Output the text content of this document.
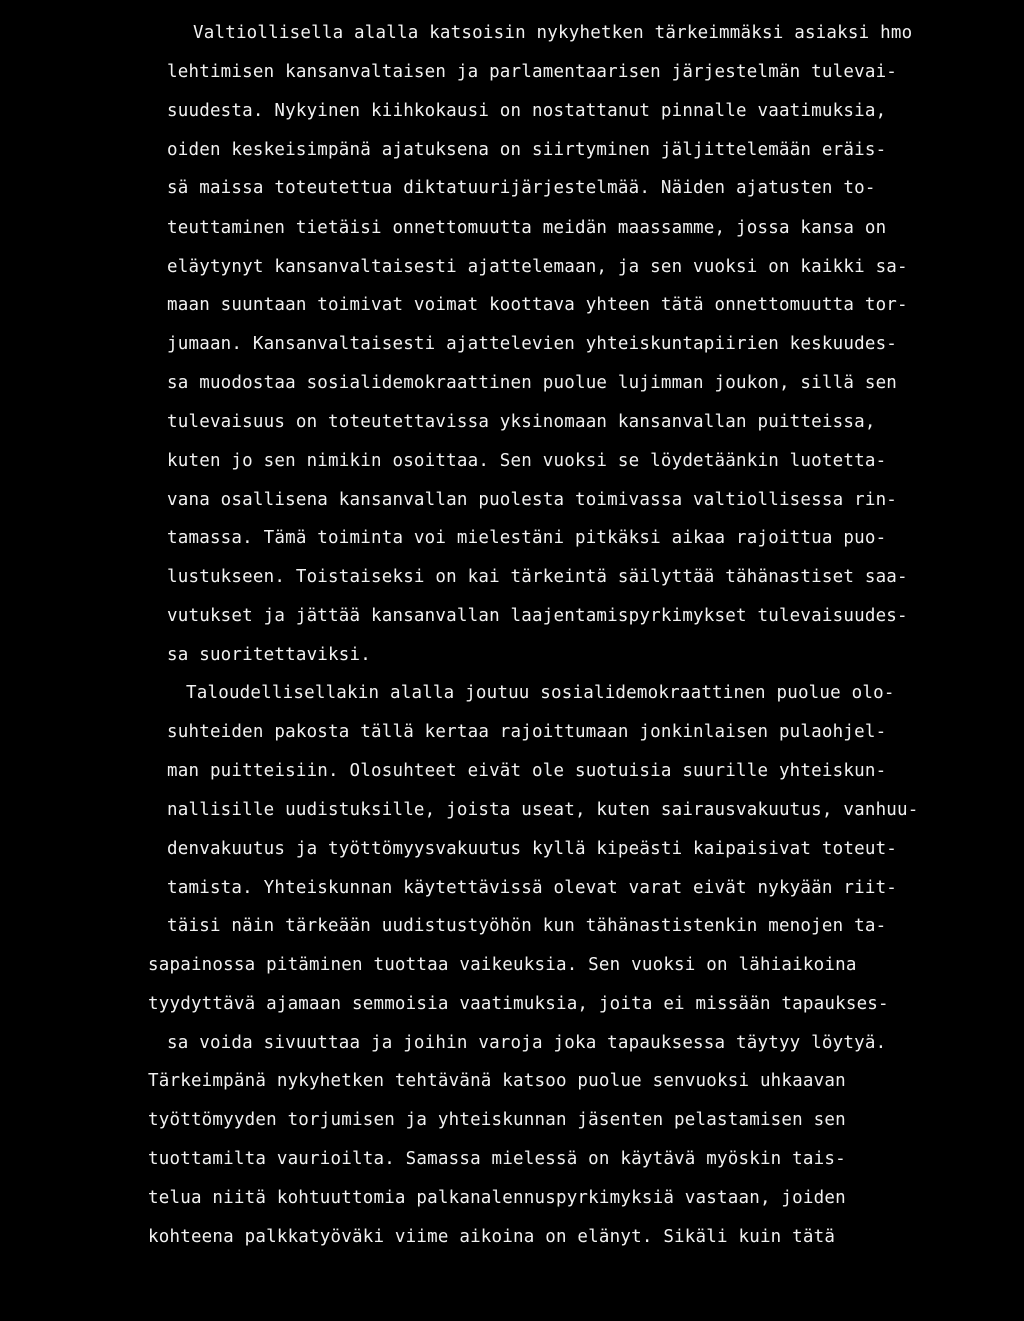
Valtiollisella alalla katsoisin nykyhetken tärkeimmäksi asiaksi hmo
lehtimisen kansanvaltaisen ja parlamentaarisen järjestelmän tulevai-
suudesta. Nykyinen kiihkokausi on nostattanut pinnalle vaatimuksia,
oiden keskeisimpänä ajatuksena on siirtyminen jäljittelemään eräis-
sä maissa toteutettua diktatuurijärjestelmää. Näiden ajatusten to-
teuttaminen tietäisi onnettomuutta meidän maassamme, jossa kansa on
eläytynyt kansanvaltaisesti ajattelemaan, ja sen vuoksi on kaikki sa-
maan suuntaan toimivat voimat koottava yhteen tätä onnettomuutta tor-
jumaan. Kansanvaltaisesti ajattelevien yhteiskuntapiirien keskuudes-
sa muodostaa sosialidemokraattinen puolue lujimman joukon, sillä sen
tulevaisuus on toteutettavissa yksinomaan kansanvallan puitteissa,
kuten jo sen nimikin osoittaa. Sen vuoksi se löydetäänkin luotetta-
vana osallisena kansanvallan puolesta toimivassa valtiollisessa rin-
tamassa. Tämä toiminta voi mielestäni pitkäksi aikaa rajoittua puo-
lustukseen. Toistaiseksi on kai tärkeintä säilyttää tähänastiset saa-
vutukset ja jättää kansanvallan laajentamispyrkimykset tulevaisuudes-
sa suoritettaviksi.
Taloudellisellakin alalla joutuu sosialidemokraattinen puolue olo-
suhteiden pakosta tällä kertaa rajoittumaan jonkinlaisen pulaohjel-
man puitteisiin. Olosuhteet eivät ole suotuisia suurille yhteiskun-
nallisille uudistuksille, joista useat, kuten sairausvakuutus, vanhuu-
denvakuutus ja työttömyysvakuutus kyllä kipeästi kaipaisivat toteut-
tamista. Yhteiskunnan käytettävissä olevat varat eivät nykyään riit-
täisi näin tärkeään uudistustyöhön kun tähänastistenkin menojen ta-
sapainossa pitäminen tuottaa vaikeuksia. Sen vuoksi on lähiaikoina
tyydyttävä ajamaan semmoisia vaatimuksia, joita ei missään tapaukses-
sa voida sivuuttaa ja joihin varoja joka tapauksessa täytyy löytyä.
Tärkeimpänä nykyhetken tehtävänä katsoo puolue senvuoksi uhkaavan
työttömyyden torjumisen ja yhteiskunnan jäsenten pelastamisen sen
tuottamilta vaurioilta. Samassa mielessä on käytävä myöskin tais-
telua niitä kohtuuttomia palkanalennuspyrkimyksiä vastaan, joiden
kohteena palkkatyöväki viime aikoina on elänyt. Sikäli kuin tätä
